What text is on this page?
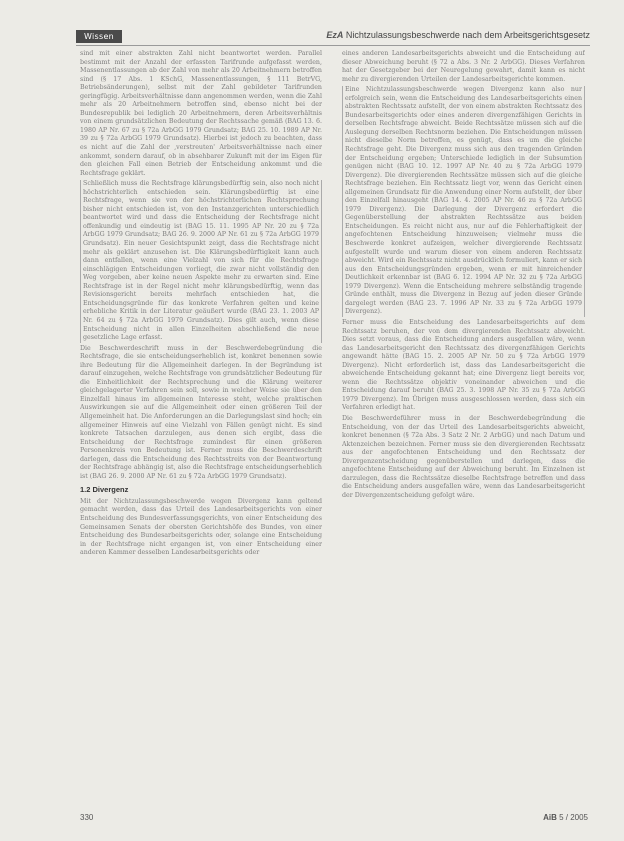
Wissen	EzA Nichtzulassungsbeschwerde nach dem Arbeitsgerichtsgesetz

sind mit einer abstrakten Zahl nicht beantwortet werden. Parallel bestimmt mit der Anzahl der erfassten Tarifrunde aufgefasst werden, Massenentlassungen ab der Zahl von mehr als 20 Arbeitnehmern betroffen sind (§ 17 Abs. 1 KSchG, Massenentlassungen, § 111 BetrVG, Betriebsänderungen), selbst mit der Zahl gebildeter Tarifrunden geringfügig. Arbeitsverhältnisse dann angenommen werden, wenn die Zahl mehr als 20 Arbeitnehmern betroffen sind, ebenso nicht bei der Bundesrepublik bei lediglich 20 Arbeitnehmern, deren Arbeitsverhältnis von einem grundsätzlichen Bedeutung der Rechtssache gemäß (BAG 13. 6. 1980 AP Nr. 67 zu § 72a ArbGG 1979 Grundsatz; BAG 25. 10. 1989 AP Nr. 39 zu § 72a ArbGG 1979 Grundsatz). Hierbei ist jedoch zu beachten, dass es nicht auf die Zahl der ‚verstreuten' Arbeitsverhältnisse nach einer ankommt, sondern darauf, ob in absehbarer Zukunft mit der im Eigen für den gleichen Fall einen Betrieb der Entscheidung ankommt und die Rechtsfrage geklärt.

Schließlich muss die Rechtsfrage klärungsbedürftig sein, also noch nicht höchstrichterlich entschieden sein. Klärungsbedürftig ist eine Rechtsfrage, wenn sie von der höchstrichterlichen Rechtsprechung bisher nicht entschieden ist, von den Instanzgerichten unterschiedlich beantwortet wird und dass die Entscheidung der Rechtsfrage nicht offenkundig und eindeutig ist (BAG 15. 11. 1995 AP Nr. 20 zu § 72a ArbGG 1979 Grundsatz; BAG 26. 9. 2000 AP Nr. 61 zu § 72a ArbGG 1979 Grundsatz). Ein neuer Gesichtspunkt zeigt, dass die Rechtsfrage nicht mehr als geklärt anzusehen ist. Die Klärungsbedürftigkeit kann auch dann entfallen, wenn eine Vielzahl von sich für die Rechtsfrage einschlägigen Entscheidungen vorliegt, die zwar nicht vollständig den Weg vorgeben, aber keine neuen Aspekte mehr zu erwarten sind. Eine Rechtsfrage ist in der Regel nicht mehr klärungsbedürftig, wenn das Revisionsgericht bereits mehrfach entschieden hat, die Entscheidungsgründe für das konkrete Verfahren gelten und keine erhebliche Kritik in der Literatur geäußert wurde (BAG 23. 1. 2003 AP Nr. 64 zu § 72a ArbGG 1979 Grundsatz). Dies gilt auch, wenn diese Entscheidung nicht in allen Einzelheiten abschließend die neue gesetzliche Lage erfasst.

Die Beschwerdeschrift muss in der Beschwerdebegründung die Rechtsfrage, die sie entscheidungserheblich ist, konkret benennen sowie ihre Bedeutung für die Allgemeinheit darlegen. In der Begründung ist darauf einzugehen, welche Rechtsfrage von grundsätzlicher Bedeutung für die Einheitlichkeit der Rechtsprechung und die Klärung weiterer gleichgelagerter Verfahren sein soll, sowie in welcher Weise sie über den Einzelfall hinaus im allgemeinen Interesse steht, welche praktischen Auswirkungen sie auf die Allgemeinheit oder einen größeren Teil der Allgemeinheit hat. Die Anforderungen an die Darlegungslast sind hoch; ein allgemeiner Hinweis auf eine Vielzahl von Fällen genügt nicht. Es sind konkrete Tatsachen darzulegen, aus denen sich ergibt, dass die Entscheidung der Rechtsfrage zumindest für einen größeren Personenkreis von Bedeutung ist. Ferner muss die Beschwerdeschrift darlegen, dass die Entscheidung des Rechtsstreits von der Beantwortung der Rechtsfrage abhängig ist, also die Rechtsfrage entscheidungserheblich ist (BAG 26. 9. 2000 AP Nr. 61 zu § 72a ArbGG 1979 Grundsatz).

1.2 Divergenz

Mit der Nichtzulassungsbeschwerde wegen Divergenz kann geltend gemacht werden, dass das Urteil des Landesarbeitsgerichts von einer Entscheidung des Bundesverfassungsgerichts, von einer Entscheidung des Gemeinsamen Senats der obersten Gerichtshöfe des Bundes, von einer Entscheidung des Bundesarbeitsgerichts oder, solange eine Entscheidung in der Rechtsfrage nicht ergangen ist, von einer Entscheidung einer anderen Kammer desselben Landesarbeitsgerichts oder

eines anderen Landesarbeitsgerichts abweicht und die Entscheidung auf dieser Abweichung beruht (§ 72 a Abs. 3 Nr. 2 ArbGG). Dieses Verfahren hat der Gesetzgeber bei der Neuregelung gewahrt, damit kann es nicht mehr zu divergierenden Urteilen der Landesarbeitsgerichte kommen.

Eine Nichtzulassungsbeschwerde wegen Divergenz kann also nur erfolgreich sein, wenn die Entscheidung des Landesarbeitsgerichts einen abstrakten Rechtssatz aufstellt, der von einem abstrakten Rechtssatz des Bundesarbeitsgerichts oder eines anderen divergenzfähigen Gerichts in derselben Rechtsfrage abweicht. Beide Rechtssätze müssen sich auf die Auslegung derselben Rechtsnorm beziehen. Die Entscheidungen müssen nicht dieselbe Norm betreffen, es genügt, dass es um die gleiche Rechtsfrage geht. Die Divergenz muss sich aus den tragenden Gründen der Entscheidung ergeben; Unterschiede lediglich in der Subsumtion genügen nicht (BAG 10. 12. 1997 AP Nr. 40 zu § 72a ArbGG 1979 Divergenz). Die divergierenden Rechtssätze müssen sich auf die gleiche Rechtsfrage beziehen. Ein Rechtssatz liegt vor, wenn das Gericht einen allgemeinen Grundsatz für die Anwendung einer Norm aufstellt, der über den Einzelfall hinausgeht (BAG 14. 4. 2005 AP Nr. 46 zu § 72a ArbGG 1979 Divergenz). Die Darlegung der Divergenz erfordert die Gegenüberstellung der abstrakten Rechtssätze aus beiden Entscheidungen. Es reicht nicht aus, nur auf die Fehlerhaftigkeit der angefochtenen Entscheidung hinzuweisen; vielmehr muss die Beschwerde konkret aufzeigen, welcher divergierende Rechtssatz aufgestellt wurde und warum dieser von einem anderen Rechtssatz abweicht. Wird ein Rechtssatz nicht ausdrücklich formuliert, kann er sich aus den Entscheidungsgründen ergeben, wenn er mit hinreichender Deutlichkeit erkennbar ist (BAG 6. 12. 1994 AP Nr. 32 zu § 72a ArbGG 1979 Divergenz). Wenn die Entscheidung mehrere selbständig tragende Gründe enthält, muss die Divergenz in Bezug auf jeden dieser Gründe dargelegt werden (BAG 23. 7. 1996 AP Nr. 33 zu § 72a ArbGG 1979 Divergenz).

Ferner muss die Entscheidung des Landesarbeitsgerichts auf dem Rechtssatz beruhen, der von dem divergierenden Rechtssatz abweicht. Dies setzt voraus, dass die Entscheidung anders ausgefallen wäre, wenn das Landesarbeitsgericht den Rechtssatz des divergenzfähigen Gerichts angewandt hätte (BAG 15. 2. 2005 AP Nr. 50 zu § 72a ArbGG 1979 Divergenz). Nicht erforderlich ist, dass das Landesarbeitsgericht die abweichende Entscheidung gekannt hat; eine Divergenz liegt bereits vor, wenn die Rechtssätze objektiv voneinander abweichen und die Entscheidung darauf beruht (BAG 25. 3. 1998 AP Nr. 35 zu § 72a ArbGG 1979 Divergenz). Im Übrigen muss ausgeschlossen werden, dass sich ein Verfahren erledigt hat.

Die Beschwerdeführer muss in der Beschwerdebegründung die Entscheidung, von der das Urteil des Landesarbeitsgerichts abweicht, konkret benennen (§ 72a Abs. 3 Satz 2 Nr. 2 ArbGG) und nach Datum und Aktenzeichen bezeichnen. Ferner muss sie den divergierenden Rechtssatz aus der angefochtenen Entscheidung und den Rechtssatz der Divergenzentscheidung gegenüberstellen und darlegen, dass die angefochtene Entscheidung auf der Abweichung beruht. Im Einzelnen ist darzulegen, dass die Rechtssätze dieselbe Rechtsfrage betreffen und dass die Entscheidung anders ausgefallen wäre, wenn das Landesarbeitsgericht der Divergenzentscheidung gefolgt wäre.

330	AiB 5 / 2005
